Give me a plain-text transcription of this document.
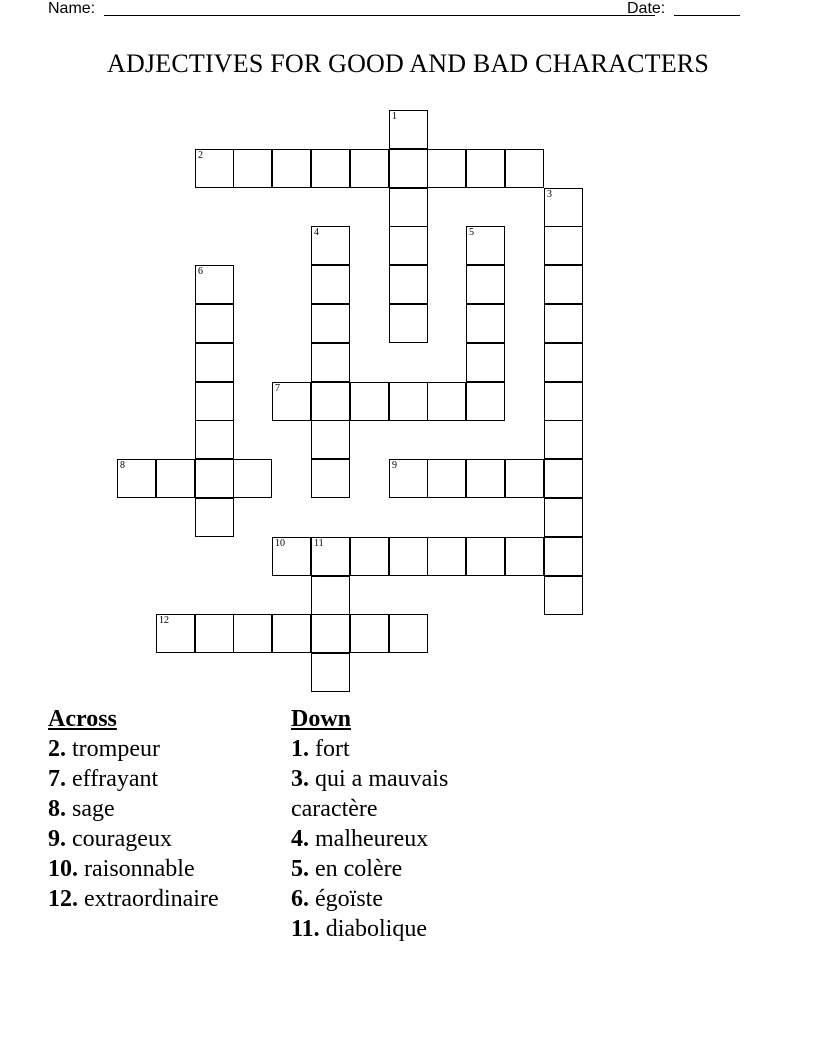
Name:	Date:
ADJECTIVES FOR GOOD AND BAD CHARACTERS
1
2
3
4	5
6
7
8	9
10	11
12
Across
2. trompeur
7. effrayant
8. sage
9. courageux
10. raisonnable
12. extraordinaire
Down
1. fort
3. qui a mauvais caractère
4. malheureux
5. en colère
6. égoïste
11. diabolique
